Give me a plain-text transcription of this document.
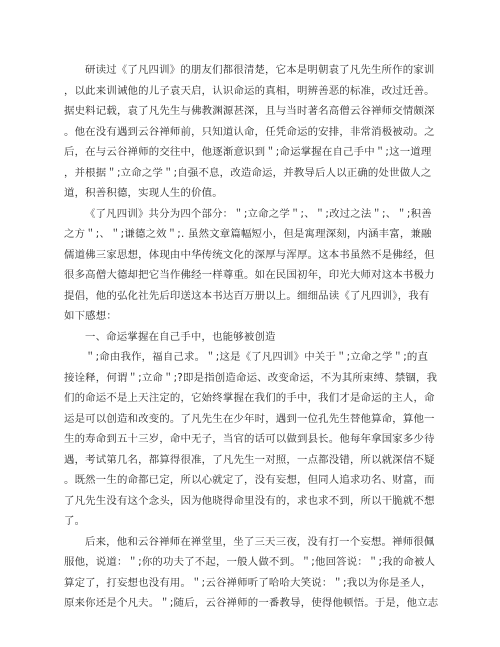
研读过《了凡四训》的朋友们都很清楚，它本是明朝袁了凡先生所作的家训
，以此来训诫他的儿子袁天启，认识命运的真相，明辨善恶的标准，改过迁善。
据史料记载，袁了凡先生与佛教渊源甚深，且与当时著名高僧云谷禅师交情颇深
。他在没有遇到云谷禅师前，只知道认命，任凭命运的安排，非常消极被动。之
后，在与云谷禅师的交往中，他逐渐意识到＂;命运掌握在自己手中＂;这一道理
，并根据＂;立命之学＂;自强不息，改造命运，并教导后人以正确的处世做人之
道，积善积德，实现人生的价值。
《了凡四训》共分为四个部分：＂;立命之学＂;、＂;改过之法＂;、＂;积善
之方＂;、＂;谦德之效＂;. 虽然文章篇幅短小，但是寓理深刻，内涵丰富，兼融
儒道佛三家思想，体现由中华传统文化的深厚与浑厚。这本书虽然不是佛经，但
很多高僧大德却把它当作佛经一样尊重。如在民国初年，印光大师对这本书极力
提倡，他的弘化社先后印送这本书达百万册以上。细细品读《了凡四训》，我有
如下感想：
一、命运掌握在自己手中，也能够被创造
＂;命由我作，福自己求。＂;这是《了凡四训》中关于＂;立命之学＂;的直
接诠释，何谓＂;立命＂;?即是指创造命运、改变命运，不为其所束缚、禁锢，我
们的命运不是上天注定的，它始终掌握在我们的手中，我们才是命运的主人，命
运是可以创造和改变的。了凡先生在少年时，遇到一位孔先生替他算命，算他一
生的寿命到五十三岁，命中无子，当官的话可以做到县长。他每年拿国家多少待
遇，考试第几名，都算得很准，了凡先生一对照，一点都没错，所以就深信不疑
。既然一生的命都已定，所以心就定了，没有妄想，但同人追求功名、财富，而
了凡先生没有这个念头，因为他晓得命里没有的，求也求不到，所以干脆就不想
了。
后来，他和云谷禅师在禅堂里，坐了三天三夜，没有打一个妄想。禅师很佩
服他，说道：＂;你的功夫了不起，一般人做不到。＂;他回答说：＂;我的命被人
算定了，打妄想也没有用。＂;云谷禅师听了哈哈大笑说：＂;我以为你是圣人，
原来你还是个凡夫。＂;随后，云谷禅师的一番教导，使得他顿悟。于是，他立志
